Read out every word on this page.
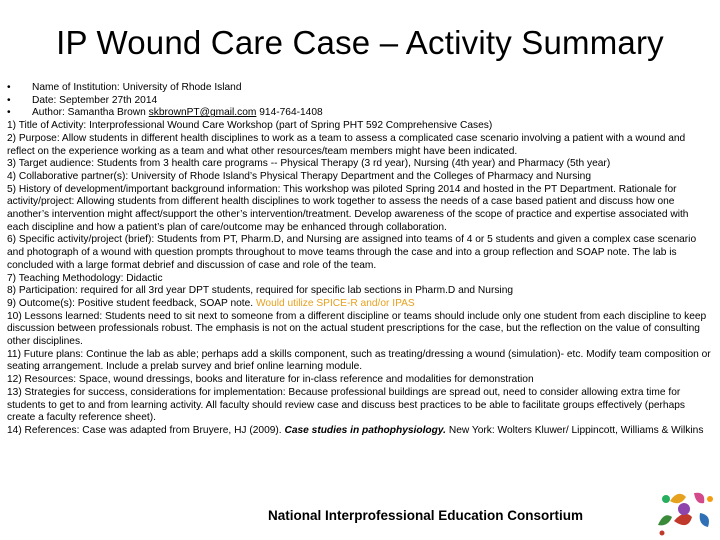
IP Wound Care Case – Activity Summary
•	Name of Institution: University of Rhode Island
•	Date: September 27th 2014
•	Author: Samantha Brown skbrownPT@gmail.com 914-764-1408

1) Title of Activity: Interprofessional Wound Care Workshop (part of Spring PHT 592 Comprehensive Cases)

2) Purpose: Allow students in different health disciplines to work as a team to assess a complicated case scenario involving a patient with a wound and reflect on the experience working as a team and what other resources/team members might have been indicated.

3) Target audience: Students from 3 health care programs -- Physical Therapy (3 rd year), Nursing (4th year) and Pharmacy (5th year)

4) Collaborative partner(s): University of Rhode Island’s Physical Therapy Department and the Colleges of Pharmacy and Nursing

5) History of development/important background information: This workshop was piloted Spring 2014 and hosted in the PT Department. Rationale for activity/project: Allowing students from different health disciplines to work together to assess the needs of a case based patient and discuss how one another’s intervention might affect/support the other’s intervention/treatment. Develop awareness of the scope of practice and expertise associated with each discipline and how a patient’s plan of care/outcome may be enhanced through collaboration.

6) Specific activity/project (brief): Students from PT, Pharm.D, and Nursing are assigned into teams of 4 or 5 students and given a complex case scenario and photograph of a wound with question prompts throughout to move teams through the case and into a group reflection and SOAP note. The lab is concluded with a large format debrief and discussion of case and role of the team.

7) Teaching Methodology: Didactic

8) Participation: required for all 3rd year DPT students, required for specific lab sections in Pharm.D and Nursing

9) Outcome(s): Positive student feedback, SOAP note. Would utilize SPICE-R and/or IPAS

10) Lessons learned: Students need to sit next to someone from a different discipline or teams should include only one student from each discipline to keep discussion between professionals robust. The emphasis is not on the actual student prescriptions for the case, but the reflection on the value of consulting other disciplines.

11) Future plans: Continue the lab as able; perhaps add a skills component, such as treating/dressing a wound (simulation)- etc. Modify team composition or seating arrangement. Include a prelab survey and brief online learning module.

12) Resources: Space, wound dressings, books and literature for in-class reference and modalities for demonstration

13) Strategies for success, considerations for implementation: Because professional buildings are spread out, need to consider allowing extra time for students to get to and from learning activity. All faculty should review case and discuss best practices to be able to facilitate groups effectively (perhaps create a faculty reference sheet).

14) References: Case was adapted from Bruyere, HJ (2009). Case studies in pathophysiology. New York: Wolters Kluwer/ Lippincott, Williams & Wilkins

National Interprofessional Education Consortium
